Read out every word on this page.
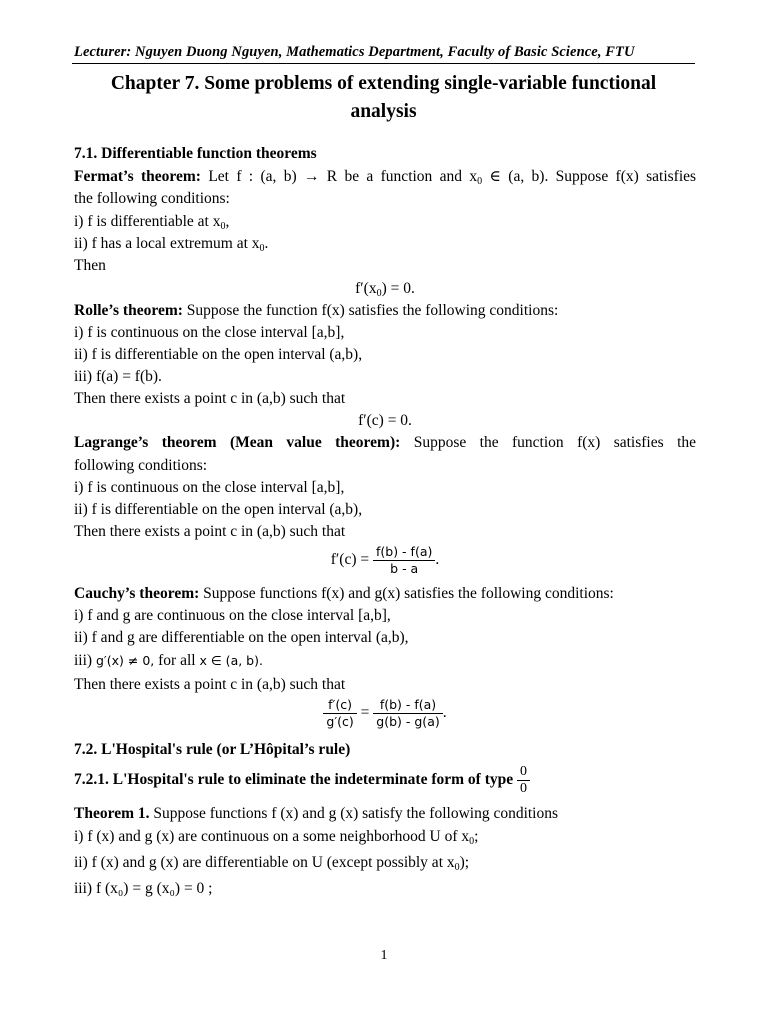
Lecturer: Nguyen Duong Nguyen, Mathematics Department, Faculty of Basic Science, FTU
Chapter 7. Some problems of extending single-variable functional
analysis
7.1. Differentiable function theorems
Fermat’s theorem: Let f : (a, b) → R be a function and $x_0$ ∈ (a, b). Suppose f(x) satisfies
the following conditions:
i) f is differentiable at $x_0$,
ii) f has a local extremum at $x_0$.
Then
$f'(x_0) = 0$.
Rolle’s theorem: Suppose the function f(x) satisfies the following conditions:
i) f is continuous on the close interval [a,b],
ii) f is differentiable on the open interval (a,b),
iii) f(a) = f(b).
Then there exists a point c in (a,b) such that
f′(c) = 0.
Lagrange’s theorem (Mean value theorem): Suppose the function f(x) satisfies the
following conditions:
i) f is continuous on the close interval [a,b],
ii) f is differentiable on the open interval (a,b),
Then there exists a point c in (a,b) such that
$f'(c) = \frac{f(b) - f(a)}{b - a}$ .
Cauchy’s theorem: Suppose functions f(x) and g(x) satisfies the following conditions:
i) f and g are continuous on the close interval [a,b],
ii) f and g are differentiable on the open interval (a,b),
iii) g′(x) ≠ 0, for all x ∈ (a, b).
Then there exists a point c in (a,b) such that
$\frac{f'(c)}{g'(c)} = \frac{f(b) - f(a)}{g(b) - g(a)}$ .
7.2. L'Hospital's rule (or L’Hôpital’s rule)
7.2.1. L'Hospital's rule to eliminate the indeterminate form of type $\frac{0}{0}$
Theorem 1. Suppose functions f (x) and g (x) satisfy the following conditions
i) f (x) and g (x) are continuous on a some neighborhood U of $x_0$;
ii) f (x) and g (x) are differentiable on U (except possibly at $x_0$);
iii) f (x₀) = g (x₀) = 0 ;
1
